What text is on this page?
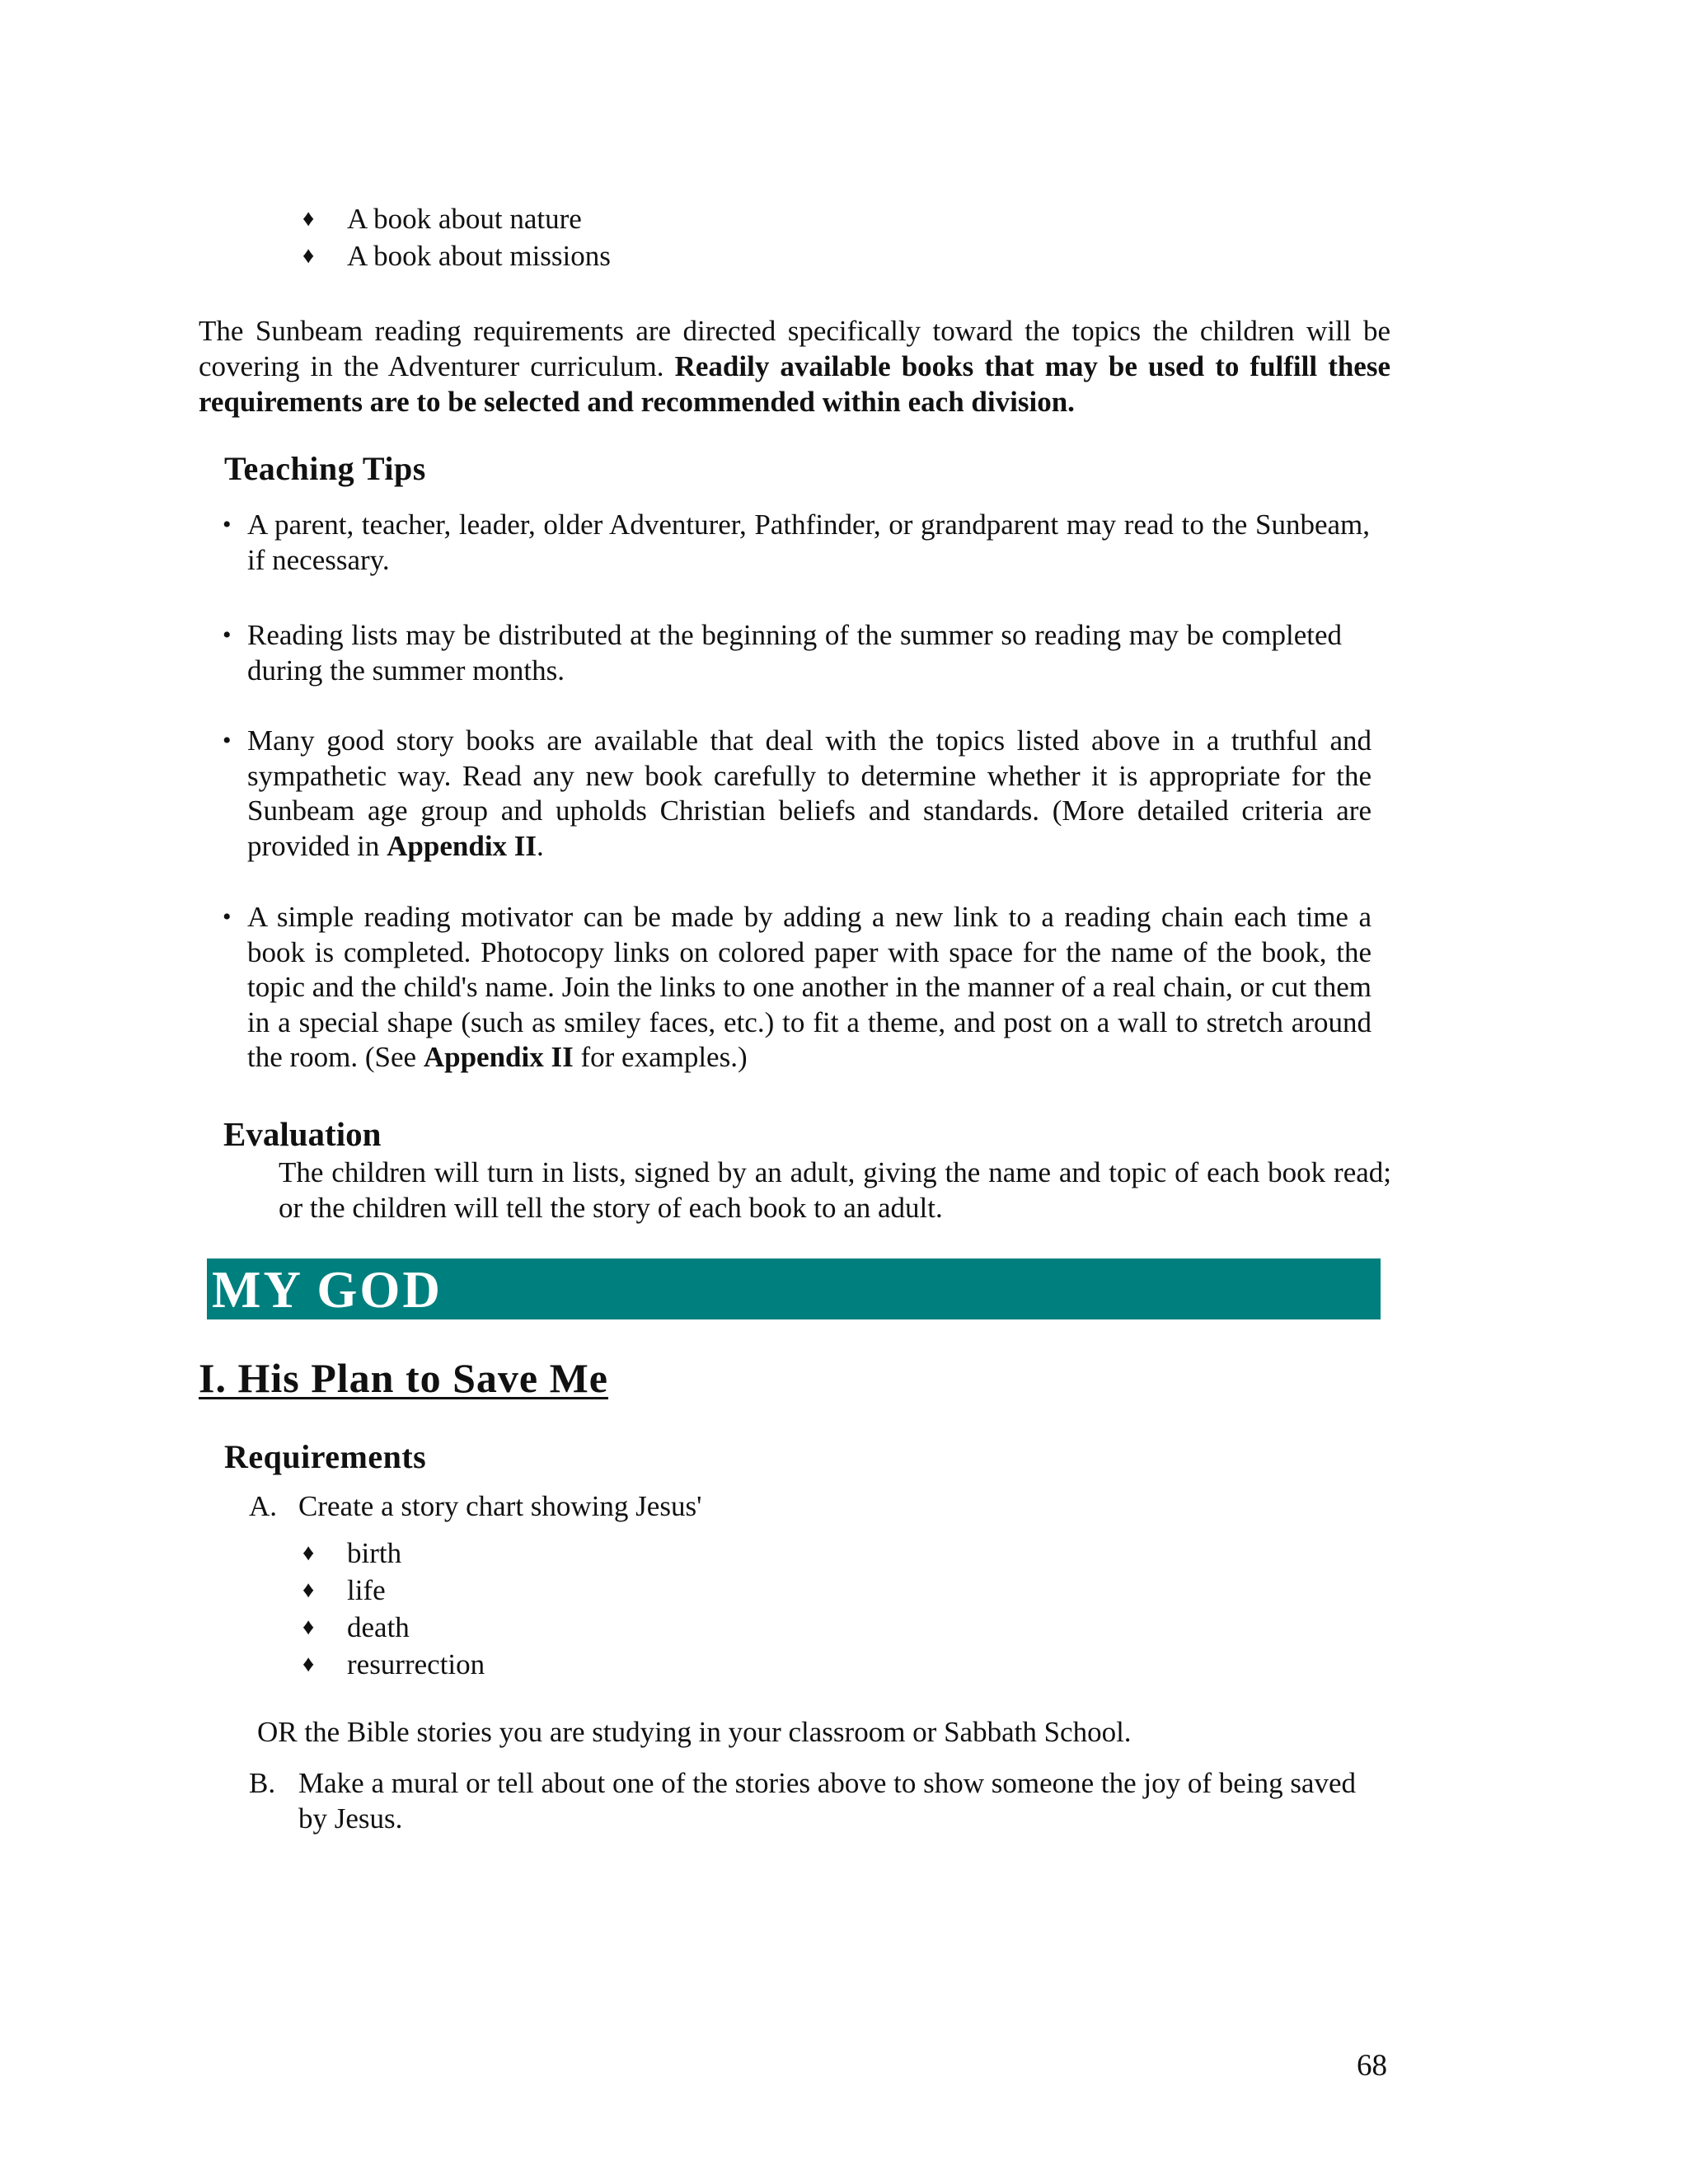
♦ A book about nature
♦ A book about missions
The Sunbeam reading requirements are directed specifically toward the topics the children will be covering in the Adventurer curriculum. Readily available books that may be used to fulfill these requirements are to be selected and recommended within each division.
Teaching Tips
• A parent, teacher, leader, older Adventurer, Pathfinder, or grandparent may read to the Sunbeam, if necessary.
• Reading lists may be distributed at the beginning of the summer so reading may be completed during the summer months.
• Many good story books are available that deal with the topics listed above in a truthful and sympathetic way. Read any new book carefully to determine whether it is appropriate for the Sunbeam age group and upholds Christian beliefs and standards. (More detailed criteria are provided in Appendix II.
• A simple reading motivator can be made by adding a new link to a reading chain each time a book is completed. Photocopy links on colored paper with space for the name of the book, the topic and the child's name. Join the links to one another in the manner of a real chain, or cut them in a special shape (such as smiley faces, etc.) to fit a theme, and post on a wall to stretch around the room. (See Appendix II for examples.)
Evaluation
The children will turn in lists, signed by an adult, giving the name and topic of each book read; or the children will tell the story of each book to an adult.
MY GOD
I. His Plan to Save Me
Requirements
A. Create a story chart showing Jesus'
♦ birth
♦ life
♦ death
♦ resurrection
OR the Bible stories you are studying in your classroom or Sabbath School.
B. Make a mural or tell about one of the stories above to show someone the joy of being saved by Jesus.
68
